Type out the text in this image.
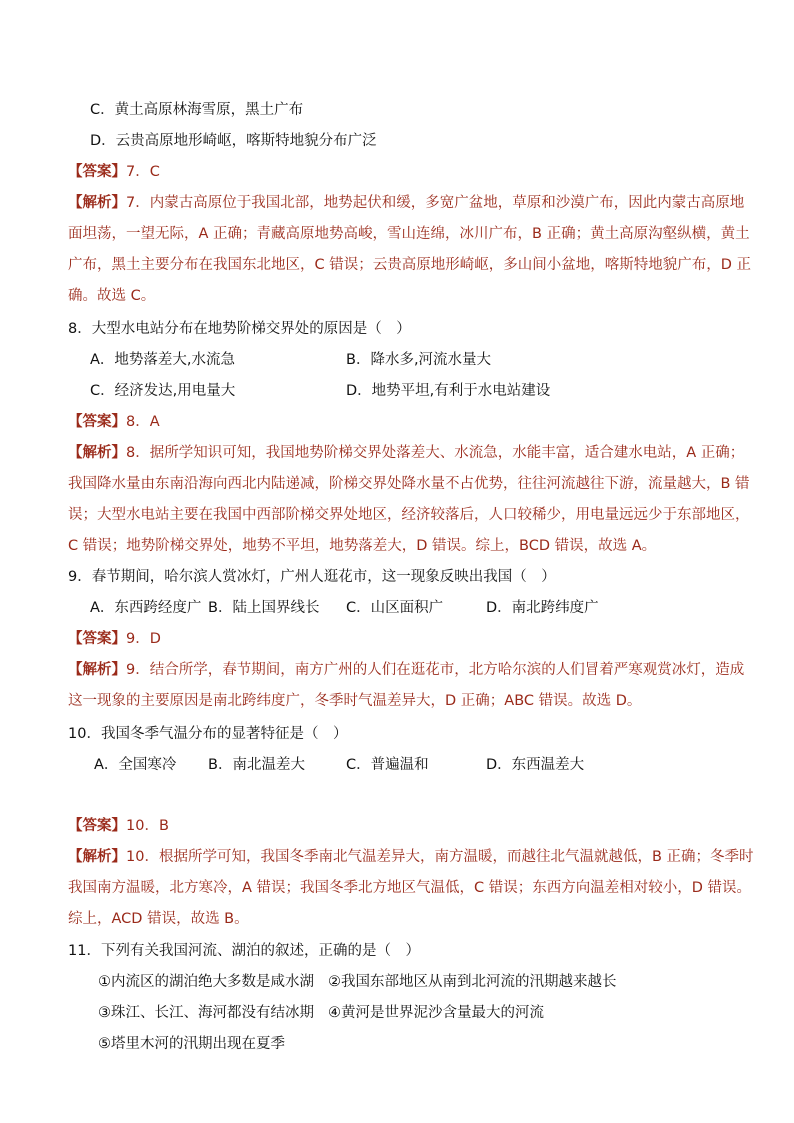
C．黄土高原林海雪原，黑土广布
D．云贵高原地形崎岖，喀斯特地貌分布广泛
【答案】7．C
【解析】7．内蒙古高原位于我国北部，地势起伏和缓，多宽广盆地，草原和沙漠广布，因此内蒙古高原地
面坦荡，一望无际，A 正确；青藏高原地势高峻，雪山连绵，冰川广布，B 正确；黄土高原沟壑纵横，黄土
广布，黑土主要分布在我国东北地区，C 错误；云贵高原地形崎岖，多山间小盆地，喀斯特地貌广布，D 正
确。故选 C。
8．大型水电站分布在地势阶梯交界处的原因是（　）
A．地势落差大,水流急	B．降水多,河流水量大
C．经济发达,用电量大	D．地势平坦,有利于水电站建设
【答案】8．A
【解析】8．据所学知识可知，我国地势阶梯交界处落差大、水流急，水能丰富，适合建水电站，A 正确；
我国降水量由东南沿海向西北内陆递减，阶梯交界处降水量不占优势，往往河流越往下游，流量越大，B 错
误；大型水电站主要在我国中西部阶梯交界处地区，经济较落后，人口较稀少，用电量远远少于东部地区，
C 错误；地势阶梯交界处，地势不平坦，地势落差大，D 错误。综上，BCD 错误，故选 A。
9．春节期间，哈尔滨人赏冰灯，广州人逛花市，这一现象反映出我国（　）
A．东西跨经度广 B．陆上国界线长 C．山区面积广	D．南北跨纬度广
【答案】9．D
【解析】9．结合所学，春节期间，南方广州的人们在逛花市，北方哈尔滨的人们冒着严寒观赏冰灯，造成
这一现象的主要原因是南北跨纬度广，冬季时气温差异大，D 正确；ABC 错误。故选 D。
10．我国冬季气温分布的显著特征是（　）
A．全国寒冷 B．南北温差大	C．普遍温和	D．东西温差大
【答案】10．B
【解析】10．根据所学可知，我国冬季南北气温差异大，南方温暖，而越往北气温就越低，B 正确；冬季时
我国南方温暖，北方寒冷，A 错误；我国冬季北方地区气温低，C 错误；东西方向温差相对较小，D 错误。
综上，ACD 错误，故选 B。
11．下列有关我国河流、湖泊的叙述，正确的是（　）
①内流区的湖泊绝大多数是咸水湖 ②我国东部地区从南到北河流的汛期越来越长
③珠江、长江、海河都没有结冰期 ④黄河是世界泥沙含量最大的河流
⑤塔里木河的汛期出现在夏季
